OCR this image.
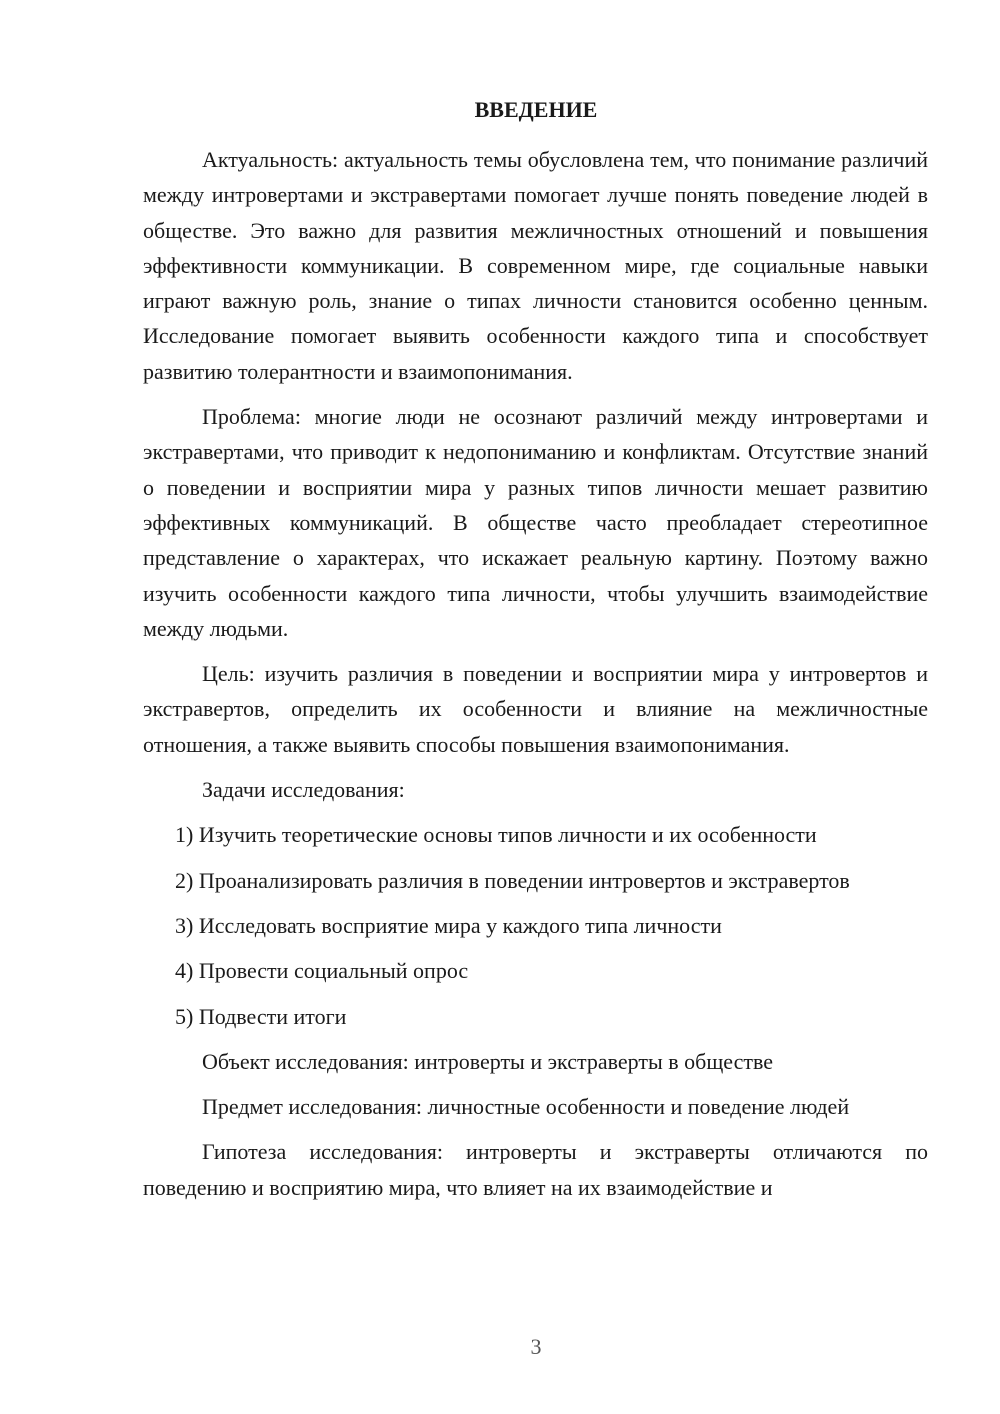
ВВЕДЕНИЕ

Актуальность: актуальность темы обусловлена тем, что понимание различий между интровертами и экстравертами помогает лучше понять поведение людей в обществе. Это важно для развития межличностных отношений и повышения эффективности коммуникации. В современном мире, где социальные навыки играют важную роль, знание о типах личности становится особенно ценным. Исследование помогает выявить особенности каждого типа и способствует развитию толерантности и взаимопонимания.

Проблема: многие люди не осознают различий между интровертами и экстравертами, что приводит к недопониманию и конфликтам. Отсутствие знаний о поведении и восприятии мира у разных типов личности мешает развитию эффективных коммуникаций. В обществе часто преобладает стереотипное представление о характерах, что искажает реальную картину. Поэтому важно изучить особенности каждого типа личности, чтобы улучшить взаимодействие между людьми.

Цель: изучить различия в поведении и восприятии мира у интровертов и экстравертов, определить их особенности и влияние на межличностные отношения, а также выявить способы повышения взаимопонимания.

Задачи исследования:

1) Изучить теоретические основы типов личности и их особенности

2) Проанализировать различия в поведении интровертов и экстравертов

3) Исследовать восприятие мира у каждого типа личности

4) Провести социальный опрос

5) Подвести итоги

Объект исследования: интроверты и экстраверты в обществе

Предмет исследования: личностные особенности и поведение людей

Гипотеза исследования: интроверты и экстраверты отличаются по поведению и восприятию мира, что влияет на их взаимодействие и

3
